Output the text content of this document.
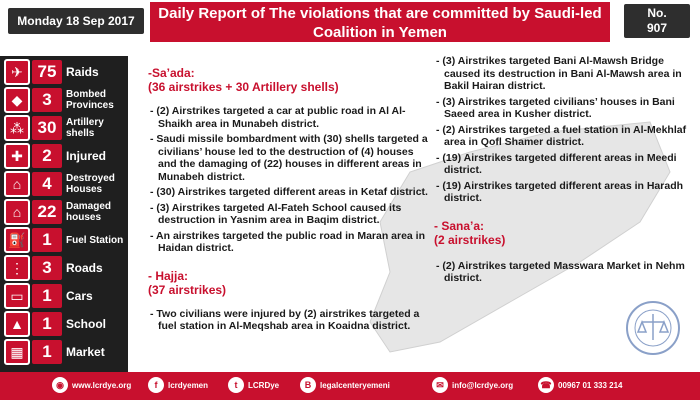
Monday 18 Sep 2017	Daily Report of The violations that are committed by Saudi-led
Coalition in Yemen
No.
907
✈ 75 Raids
◆	3	Bombed Provinces
⁂ 30 Artillery shells
✚	2	Injured
⌂	4	Destroyed Houses
⌂ 22 Damaged houses
⛽ 1	Fuel Station
⋮	3	Roads
▭	1	Cars
▲	1	School
▦	1	Market
-Sa’ada:
(36 airstrikes + 30 Artillery shells)
- (2) Airstrikes targeted a car at public road in Al Al-Shaikh area in Munabeh district.
- Saudi missile bombardment with (30) shells targeted a civilians’ house led to the destruction of (4) houses and the damaging of (22) houses in different areas in Munabeh district.
- (30) Airstrikes targeted different areas in Ketaf district.
- (3) Airstrikes targeted Al-Fateh School caused its destruction in Yasnim area in Baqim district.
- An airstrikes targeted the public road in Maran area in Haidan district.
- Hajja:
(37 airstrikes)
- Two civilians were injured by (2) airstrikes targeted a fuel station in Al-Meqshab area in Koaidna district.
- (3) Airstrikes targeted Bani Al-Mawsh Bridge caused its destruction in Bani Al-Mawsh area in Bakil Hairan district.
- (3) Airstrikes targeted civilians’ houses in Bani Saeed area in Kusher district.
- (2) Airstrikes targeted a fuel station in Al-Mekhlaf area in Qofl Shamer district.
- (19) Airstrikes targeted different areas in Meedi district.
- (19) Airstrikes targeted different areas in Haradh district.
- Sana’a:
(2 airstrikes)
- (2) Airstrikes targeted Masswara Market in Nehm district.
◉	www.lcrdye.org	f	lcrdyemen	t	LCRDye	B	legalcenteryemeni	✉	info@lcrdye.org	☎ 00967 01 333 214
